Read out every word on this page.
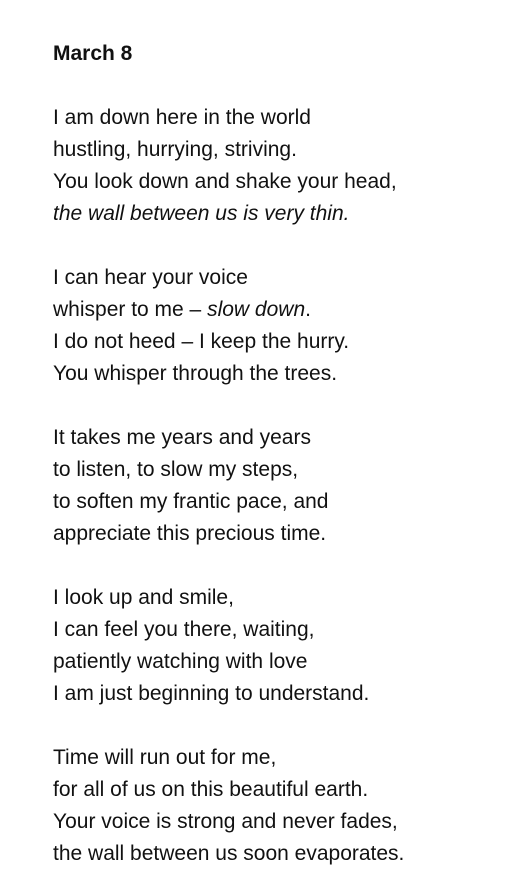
March 8
I am down here in the world
hustling, hurrying, striving.
You look down and shake your head,
the wall between us is very thin.
I can hear your voice
whisper to me – slow down.
I do not heed – I keep the hurry.
You whisper through the trees.
It takes me years and years
to listen, to slow my steps,
to soften my frantic pace, and
appreciate this precious time.
I look up and smile,
I can feel you there, waiting,
patiently watching with love
I am just beginning to understand.
Time will run out for me,
for all of us on this beautiful earth.
Your voice is strong and never fades,
the wall between us soon evaporates.
